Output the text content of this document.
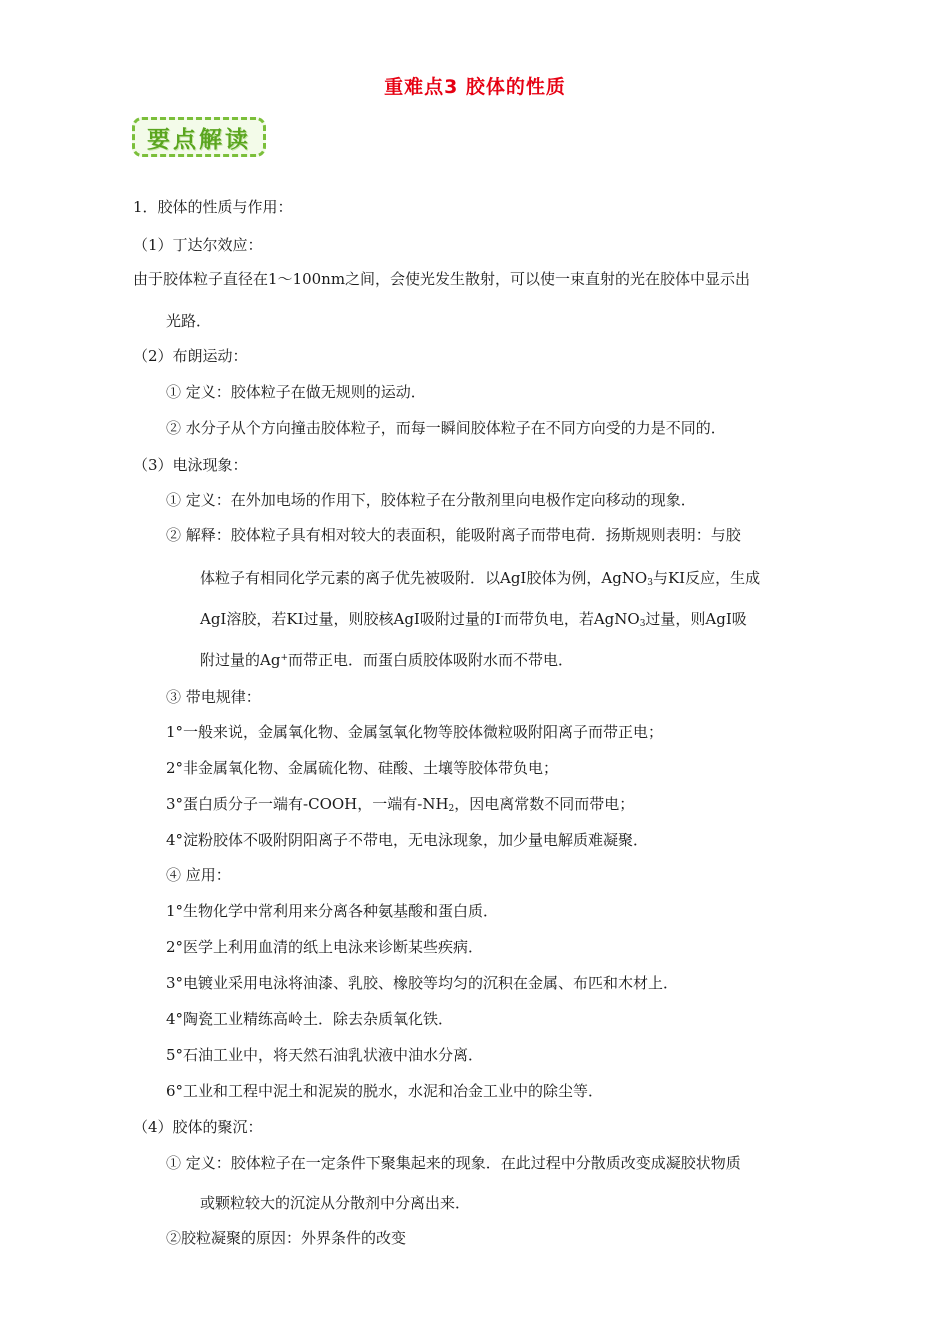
重难点3 胶体的性质
要点解读
1．胶体的性质与作用：
（1）丁达尔效应：
由于胶体粒子直径在1～100nm之间，会使光发生散射，可以使一束直射的光在胶体中显示出
光路．
（2）布朗运动：
① 定义：胶体粒子在做无规则的运动．
② 水分子从个方向撞击胶体粒子，而每一瞬间胶体粒子在不同方向受的力是不同的．
（3）电泳现象：
① 定义：在外加电场的作用下，胶体粒子在分散剂里向电极作定向移动的现象．
② 解释：胶体粒子具有相对较大的表面积，能吸附离子而带电荷．扬斯规则表明：与胶
体粒子有相同化学元素的离子优先被吸附．以AgI胶体为例，AgNO$_3$与KI反应，生成
AgI溶胶，若KI过量，则胶核AgI吸附过量的I-而带负电，若AgNO$_3$过量，则AgI吸
附过量的Ag+而带正电．而蛋白质胶体吸附水而不带电．
③ 带电规律：
1°一般来说，金属氧化物、金属氢氧化物等胶体微粒吸附阳离子而带正电；
2°非金属氧化物、金属硫化物、硅酸、土壤等胶体带负电；
3°蛋白质分子一端有-COOH，一端有$-NH_2$，因电离常数不同而带电；
4°淀粉胶体不吸附阴阳离子不带电，无电泳现象，加少量电解质难凝聚．
④ 应用：
1°生物化学中常利用来分离各种氨基酸和蛋白质．
2°医学上利用血清的纸上电泳来诊断某些疾病．
3°电镀业采用电泳将油漆、乳胶、橡胶等均匀的沉积在金属、布匹和木材上．
4°陶瓷工业精练高岭土．除去杂质氧化铁．
5°石油工业中，将天然石油乳状液中油水分离．
6°工业和工程中泥土和泥炭的脱水，水泥和冶金工业中的除尘等．
（4）胶体的聚沉：
① 定义：胶体粒子在一定条件下聚集起来的现象．在此过程中分散质改变成凝胶状物质
或颗粒较大的沉淀从分散剂中分离出来．
②胶粒凝聚的原因：外界条件的改变
